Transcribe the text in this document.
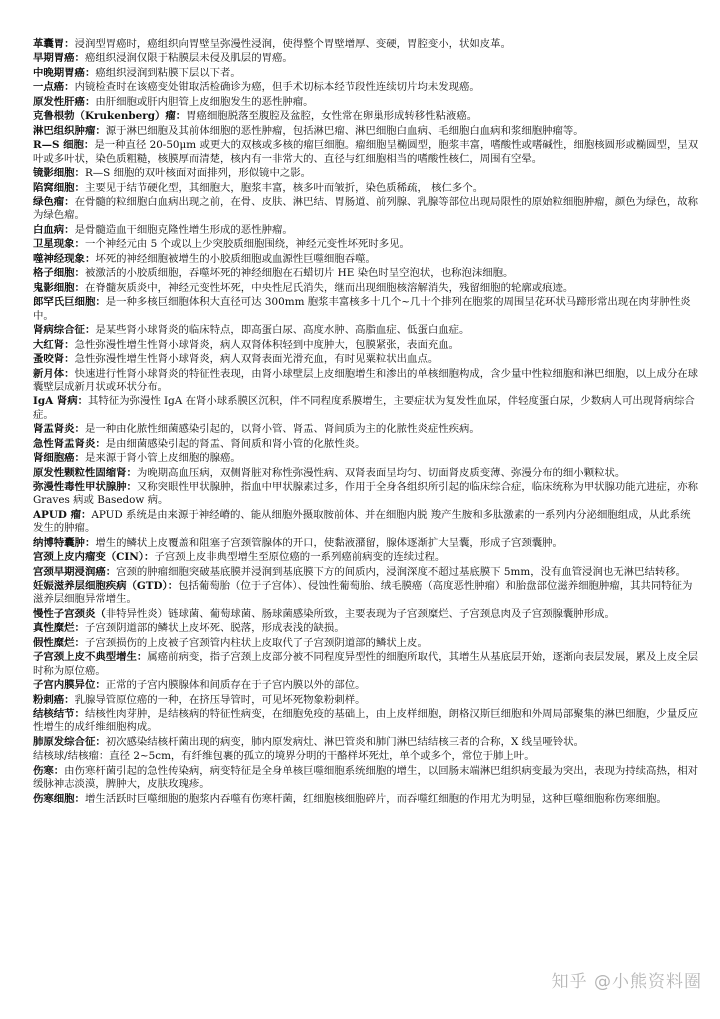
革囊胃：浸润型胃癌时，癌组织向胃壁呈弥漫性浸润，使得整个胃壁增厚、变硬，胃腔变小，状如皮革。
早期胃癌：癌组织浸润仅限于粘膜层未侵及肌层的胃癌。
中晚期胃癌：癌组织浸润到粘膜下层以下者。
一点癌：内镜检查时在该癌变处钳取活检确诊为癌，但手术切标本经节段性连续切片均未发现癌。
原发性肝癌：由肝细胞或肝内胆管上皮细胞发生的恶性肿瘤。
克鲁根勃（Krukenberg）瘤：胃癌细胞脱落至腹腔及盆腔，女性常在卵巢形成转移性粘液癌。
淋巴组织肿瘤：源于淋巴细胞及其前体细胞的恶性肿瘤，包括淋巴瘤、淋巴细胞白血病、毛细胞白血病和浆细胞肿瘤等。
R—S 细胞：是一种直径 20-50μm 或更大的双核或多核的瘤巨细胞。瘤细胞呈椭圆型，胞浆丰富，嗜酸性或嗜碱性，细胞核圆形或椭圆型，呈双叶或多叶状，染色质粗糙，核膜厚而清楚，核内有一非常大的、直径与红细胞相当的嗜酸性核仁，周围有空晕。
镜影细胞：R—S 细胞的双叶核面对面排列，形似镜中之影。
陷窝细胞：主要见于结节硬化型，其细胞大，胞浆丰富，核多叶而皱折，染色质稀疏， 核仁多个。
绿色瘤：在骨髓的粒细胞白血病出现之前，在骨、皮肤、淋巴结、胃肠道、前列腺、乳腺等部位出现局限性的原始粒细胞肿瘤，颜色为绿色，故称为绿色瘤。
白血病：是骨髓造血干细胞克隆性增生形成的恶性肿瘤。
卫星现象：一个神经元由 5 个或以上少突胶质细胞围绕，神经元变性坏死时多见。
噬神经现象：坏死的神经细胞被增生的小胶质细胞或血源性巨噬细胞吞噬。
格子细胞：被激活的小胶质细胞，吞噬坏死的神经细胞在石蜡切片 HE 染色时呈空泡状，也称泡沫细胞。
鬼影细胞：在脊髓灰质炎中，神经元变性坏死，中央性尼氏消失，继而出现细胞核溶解消失，残留细胞的轮廓或痕迹。
郎罕氏巨细胞：是一种多核巨细胞体积大直径可达 300mm 胞浆丰富核多十几个~几十个排列在胞浆的周围呈花环状马蹄形常出现在肉芽肿性炎中。
肾病综合征：是某些肾小球肾炎的临床特点，即高蛋白尿、高度水肿、高脂血症、低蛋白血症。
大红肾：急性弥漫性增生性肾小球肾炎，病人双肾体积轻到中度肿大，包膜紧张，表面充血。
蚤咬肾：急性弥漫性增生性肾小球肾炎，病人双肾表面光滑充血，有时见粟粒状出血点。
新月体：快速进行性肾小球肾炎的特征性表现，由肾小球壁层上皮细胞增生和渗出的单核细胞构成，含少量中性粒细胞和淋巴细胞，以上成分在球囊壁层成新月状或环状分布。
IgA 肾病：其特征为弥漫性 IgA 在肾小球系膜区沉积，伴不同程度系膜增生，主要症状为复发性血尿，伴轻度蛋白尿，少数病人可出现肾病综合症。
肾盂肾炎：是一种由化脓性细菌感染引起的，以肾小管、肾盂、肾间质为主的化脓性炎症性疾病。
急性肾盂肾炎：是由细菌感染引起的肾盂、肾间质和肾小管的化脓性炎。
肾细胞癌：是来源于肾小管上皮细胞的腺癌。
原发性颗粒性固缩肾：为晚期高血压病，双侧肾脏对称性弥漫性病、双肾表面呈均匀、切面肾皮质变薄、弥漫分布的细小颗粒状。
弥漫性毒性甲状腺肿：又称突眼性甲状腺肿，指血中甲状腺素过多，作用于全身各组织所引起的临床综合症，临床统称为甲状腺功能亢进症，亦称 Graves 病或 Basedow 病。
APUD 瘤：APUD 系统是由来源于神经嵴的、能从细胞外摄取胺前体、并在细胞内脱 羧产生胺和多肽激素的一系列内分泌细胞组成，从此系统发生的肿瘤。
纳博特囊肿：增生的鳞状上皮覆盖和阻塞子宫颈管腺体的开口，使黏液潴留，腺体逐渐扩大呈囊，形成子宫颈囊肿。
宫颈上皮内瘤变（CIN）：子宫颈上皮非典型增生至原位癌的一系列癌前病变的连续过程。
宫颈早期浸润癌：宫颈的肿瘤细胞突破基底膜并浸润到基底膜下方的间质内，浸润深度不超过基底膜下 5mm，没有血管浸润也无淋巴结转移。
妊娠滋养层细胞疾病（GTD）：包括葡萄胎（位于子宫体）、侵蚀性葡萄胎、绒毛膜癌（高度恶性肿瘤）和胎盘部位滋养细胞肿瘤，其共同特征为滋养层细胞异常增生。
慢性子宫颈炎（非特异性炎）链球菌、葡萄球菌、肠球菌感染所致，主要表现为子宫颈糜烂、子宫颈息肉及子宫颈腺囊肿形成。
真性糜烂：子宫颈阴道部的鳞状上皮坏死、脱落，形成表浅的缺损。
假性糜烂：子宫颈损伤的上皮被子宫颈管内柱状上皮取代了子宫颈阴道部的鳞状上皮。
子宫颈上皮不典型增生：属癌前病变，指子宫颈上皮部分被不同程度异型性的细胞所取代，其增生从基底层开始，逐渐向表层发展，累及上皮全层时称为原位癌。
子宫内膜异位：正常的子宫内膜腺体和间质存在于子宫内膜以外的部位。
粉刺癌：乳腺导管原位癌的一种，在挤压导管时，可见坏死物象粉刺样。
结核结节：结核性肉芽肿，是结核病的特征性病变，在细胞免疫的基础上，由上皮样细胞，朗格汉斯巨细胞和外周局部聚集的淋巴细胞，少量反应性增生的成纤维细胞构成。
肺原发综合征：初次感染结核杆菌出现的病变，肺内原发病灶、淋巴管炎和肺门淋巴结结核三者的合称，X 线呈哑铃状。
结核球/结核瘤：直径 2~5cm，有纤维包裹的孤立的境界分明的干酪样坏死灶，单个或多个，常位于肺上叶。
伤寒：由伤寒杆菌引起的急性传染病，病变特征是全身单核巨噬细胞系统细胞的增生，以回肠末端淋巴组织病变最为突出，表现为持续高热，相对缓脉神志淡漠，脾肿大，皮肤玫瑰疹。
伤寒细胞：增生活跃时巨噬细胞的胞浆内吞噬有伤寒杆菌，红细胞核细胞碎片，而吞噬红细胞的作用尤为明显，这种巨噬细胞称伤寒细胞。
知乎 @小熊资料圈
